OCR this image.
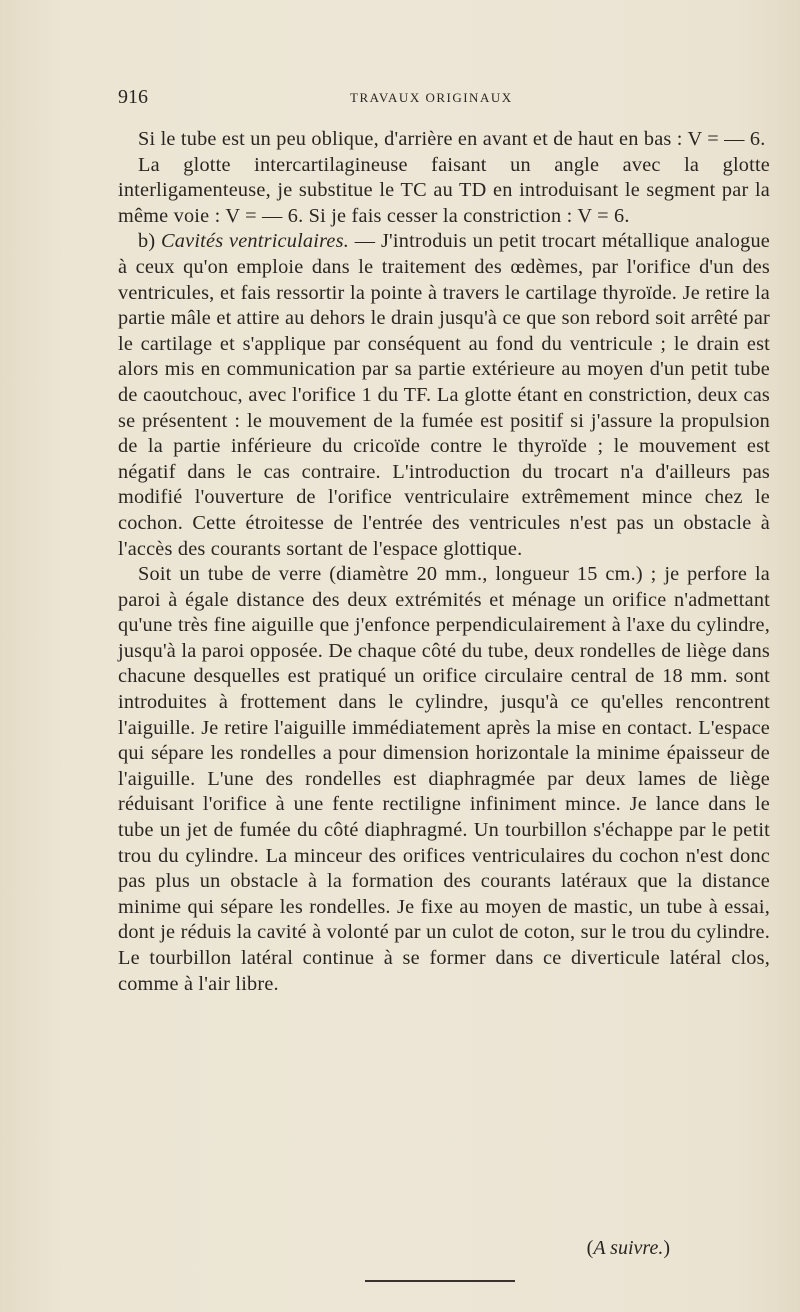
916	TRAVAUX ORIGINAUX

Si le tube est un peu oblique, d'arrière en avant et de haut en bas : V = — 6.

La glotte intercartilagineuse faisant un angle avec la glotte interligamenteuse, je substitue le TC au TD en introduisant le segment par la même voie : V = — 6. Si je fais cesser la constriction : V = 6.

b) Cavités ventriculaires. — J'introduis un petit trocart métallique analogue à ceux qu'on emploie dans le traitement des œdèmes, par l'orifice d'un des ventricules, et fais ressortir la pointe à travers le cartilage thyroïde. Je retire la partie mâle et attire au dehors le drain jusqu'à ce que son rebord soit arrêté par le cartilage et s'applique par conséquent au fond du ventricule ; le drain est alors mis en communication par sa partie extérieure au moyen d'un petit tube de caoutchouc, avec l'orifice 1 du TF. La glotte étant en constriction, deux cas se présentent : le mouvement de la fumée est positif si j'assure la propulsion de la partie inférieure du cricoïde contre le thyroïde ; le mouvement est négatif dans le cas contraire. L'introduction du trocart n'a d'ailleurs pas modifié l'ouverture de l'orifice ventriculaire extrêmement mince chez le cochon. Cette étroitesse de l'entrée des ventricules n'est pas un obstacle à l'accès des courants sortant de l'espace glottique.

Soit un tube de verre (diamètre 20 mm., longueur 15 cm.) ; je perfore la paroi à égale distance des deux extrémités et ménage un orifice n'admettant qu'une très fine aiguille que j'enfonce perpendiculairement à l'axe du cylindre, jusqu'à la paroi opposée. De chaque côté du tube, deux rondelles de liège dans chacune desquelles est pratiqué un orifice circulaire central de 18 mm. sont introduites à frottement dans le cylindre, jusqu'à ce qu'elles rencontrent l'aiguille. Je retire l'aiguille immédiatement après la mise en contact. L'espace qui sépare les rondelles a pour dimension horizontale la minime épaisseur de l'aiguille. L'une des rondelles est diaphragmée par deux lames de liège réduisant l'orifice à une fente rectiligne infiniment mince. Je lance dans le tube un jet de fumée du côté diaphragmé. Un tourbillon s'échappe par le petit trou du cylindre. La minceur des orifices ventriculaires du cochon n'est donc pas plus un obstacle à la formation des courants latéraux que la distance minime qui sépare les rondelles. Je fixe au moyen de mastic, un tube à essai, dont je réduis la cavité à volonté par un culot de coton, sur le trou du cylindre. Le tourbillon latéral continue à se former dans ce diverticule latéral clos, comme à l'air libre.

(A suivre.)
